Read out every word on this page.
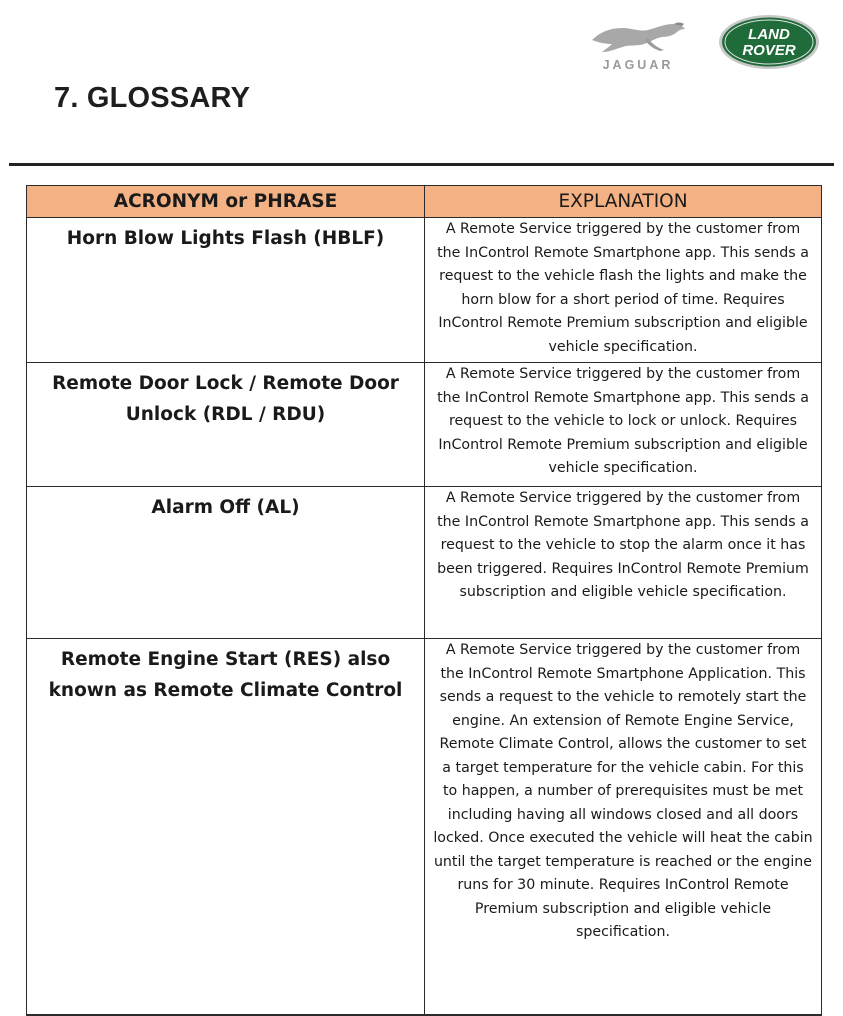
JAGUAR
LAND
ROVER
7. GLOSSARY
ACRONYM or PHRASE	EXPLANATION
Horn Blow Lights Flash (HBLF)	A Remote Service triggered by the customer from the InControl Remote Smartphone app. This sends a request to the vehicle flash the lights and make the horn blow for a short period of time. Requires InControl Remote Premium subscription and eligible vehicle specification.
Remote Door Lock / Remote Door Unlock (RDL / RDU)	A Remote Service triggered by the customer from the InControl Remote Smartphone app. This sends a request to the vehicle to lock or unlock. Requires InControl Remote Premium subscription and eligible vehicle specification.
Alarm Off (AL)	A Remote Service triggered by the customer from the InControl Remote Smartphone app. This sends a request to the vehicle to stop the alarm once it has been triggered. Requires InControl Remote Premium subscription and eligible vehicle specification.
Remote Engine Start (RES) also known as Remote Climate Control	A Remote Service triggered by the customer from the InControl Remote Smartphone Application. This sends a request to the vehicle to remotely start the engine. An extension of Remote Engine Service, Remote Climate Control, allows the customer to set a target temperature for the vehicle cabin. For this to happen, a number of prerequisites must be met including having all windows closed and all doors locked. Once executed the vehicle will heat the cabin until the target temperature is reached or the engine runs for 30 minute. Requires InControl Remote Premium subscription and eligible vehicle specification.
